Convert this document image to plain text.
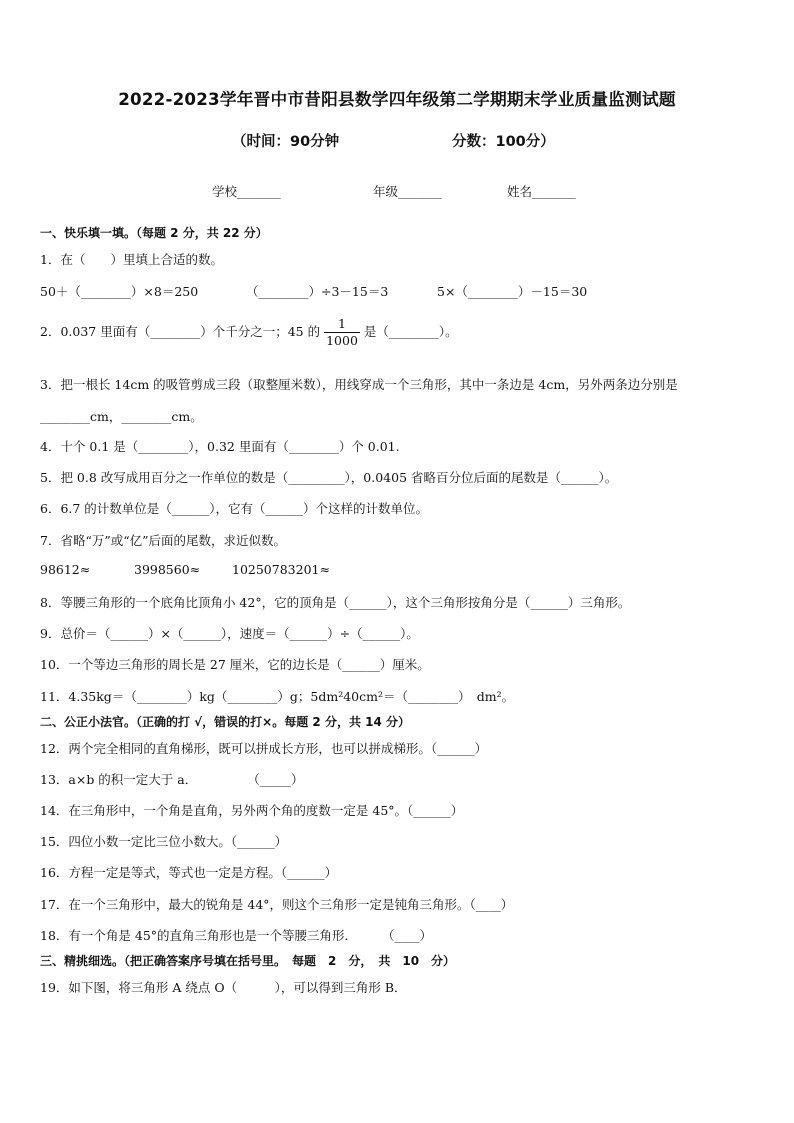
2022-2023学年晋中市昔阳县数学四年级第二学期期末学业质量监测试题
（时间：90分钟	分数：100分）
学校_______	年级_______	姓名_______
一、快乐填一填。（每题 2 分，共 22 分）
1．在（　　）里填上合适的数。
50＋（________）×8＝250	（________）÷3－15＝3	5×（________）－15＝30
2．0.037 里面有（________）个千分之一；45 的 $\frac{1}{1000}$ 是（________）。
3．把一根长 14cm 的吸管剪成三段（取整厘米数），用线穿成一个三角形，其中一条边是 4cm，另外两条边分别是
________cm，________cm。
4．十个 0.1 是（________），0.32 里面有（________）个 0.01.
5．把 0.8 改写成用百分之一作单位的数是（_________），0.0405 省略百分位后面的尾数是（______）。
6．6.7 的计数单位是（______），它有（______）个这样的计数单位。
7．省略“万”或“亿”后面的尾数，求近似数。
98612≈	3998560≈	10250783201≈
8．等腰三角形的一个底角比顶角小 42°，它的顶角是（______），这个三角形按角分是（______）三角形。
9．总价＝（______）×（______），速度＝（______）÷（______）。
10．一个等边三角形的周长是 27 厘米，它的边长是（______）厘米。
11．4.35kg＝（________）kg（________）g；5dm²40cm²＝（________）　dm²。
二、公正小法官。（正确的打 √，错误的打×。每题 2 分，共 14 分）
12．两个完全相同的直角梯形，既可以拼成长方形，也可以拼成梯形。（______）
13．a×b 的积一定大于 a．　　　　　（_____）
14．在三角形中，一个角是直角，另外两个角的度数一定是 45°。（______）
15．四位小数一定比三位小数大。（______）
16．方程一定是等式，等式也一定是方程。（______）
17．在一个三角形中，最大的锐角是 44°，则这个三角形一定是钝角三角形。（____）
18．有一个角是 45°的直角三角形也是一个等腰三角形．　　　（____）
三、精挑细选。（把正确答案序号填在括号里。　每题　2　分，　共　10　分）
19．如下图，将三角形 A 绕点 O（　　　），可以得到三角形 B．
